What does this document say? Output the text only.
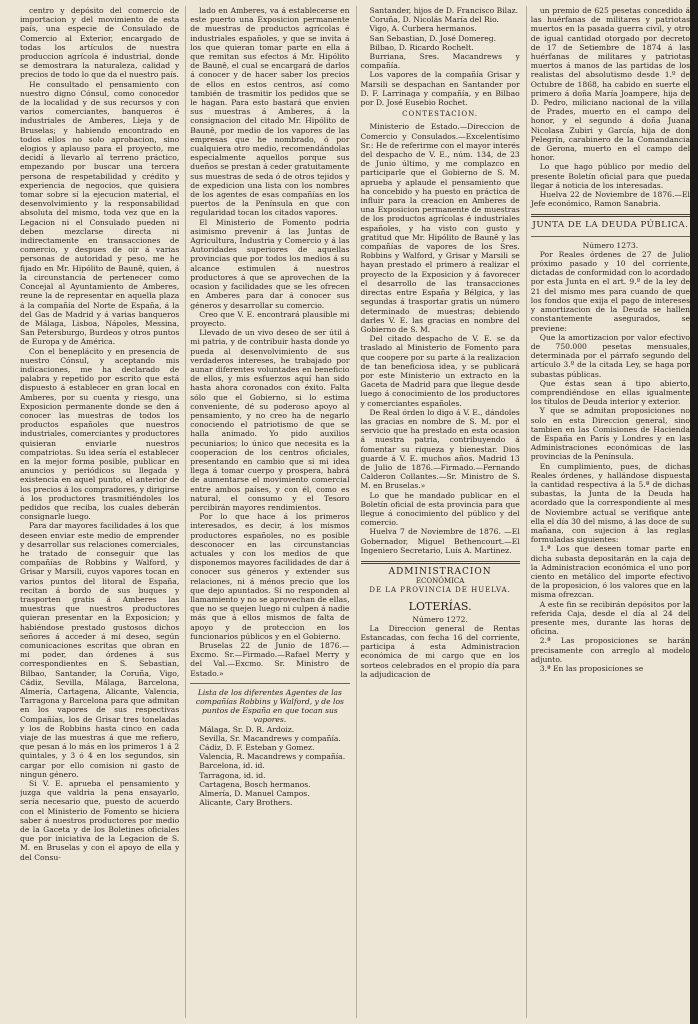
centro y depósito del comercio de importacion y del movimiento de esta país, una especie de Consulado de Comercio al Exterior, encargado de todas los artículos de nuestra produccion agrícola é industrial, donde se demostrara la naturaleza, calidad y precios de todo lo que da el nuestro país.

He consultado el pensamiento con nuestro digno Cónsul, como conocedor de la localidad y de sus recursos y con varios comerciantes, banqueros é industriales de Amberes, Lieja y de Bruselas; y habiendo encontrado en todos ellos no solo aprobacion, sino elogios y aplauso para el proyecto, me decidí á llevarlo al terreno práctico, empezando por buscar una tercera persona de respetabilidad y crédito y experiencia de negocios, que quisiera tomar sobre sí la ejecucion material, el desenvolvimiento y la responsabilidad absoluta del mismo, toda vez que en la Legacion ni el Consulado pueden ni deben mezclarse directa ni indirectamente en transacciones de comercio, y despues de oir á varias personas de autoridad y peso, me he fijado en Mr. Hipólito de Baunê, quien, á la circunstancia de pertenecer como Concejal al Ayuntamiento de Amberes, reune la de representar en aquella plaza á la compañía del Norte de España, á la del Gas de Madrid y á varias banqueros de Málaga, Lisboa, Nápoles, Messina, San Petersburgo, Burdeos y otros puntos de Europa y de América.

Con el beneplácito y en presencia de nuestro Cónsul, y aceptando mis indicaciones, me ha declarado de palabra y repetido por escrito que está dispuesto á establecer en gran local en Amberes, por su cuenta y riesgo, una Exposicion permanente donde se den á conocer las muestras de todos los productos españoles que nuestros industriales, comerciantes y productores quisieran enviarle nuestros compatriotas. Su idea sería el establecer en la mejor forma posible, publicar en anuncios y periódicos su llegada y existencia en aquel punto, el anterior de los precios á los compradores, y dirigirse á los productores trasmitiéndoles los pedidos que reciba, los cuales deberán consignarle luego.

Para dar mayores facilidades á los que deseen enviar este medio de emprender y desarrollar sus relaciones comerciales, he tratado de conseguir que las compañías de Robbins y Walford, y Grisar y Marsili, cuyos vapores tocan en varios puntos del litoral de España, recitan á bordo de sus buques y trasporten gratis á Amberes las muestras que nuestros productores quieran presentar en la Exposicion; y habiéndose prestado gustosos dichos señores á acceder á mi deseo, según comunicaciones escritas que obran en mi poder, dan órdenes á sus correspondientes en S. Sebastian, Bilbao, Santander, la Coruña, Vigo, Cádiz, Sevilla, Málaga, Barcelona, Almería, Cartagena, Alicante, Valencia, Tarragona y Barcelona para que admitan en los vapores de sus respectivas Compañías, los de Grisar tres toneladas y los de Robbins hasta cinco en cada viaje de las muestras á que me refiero, que pesan á lo más en los primeros 1 á 2 quintales, y 3 ó 4 en los segundos, sin cargar por ello comision ni gasto de ningun género.

Si V. E. aprueba el pensamiento y juzga que valdria la pena ensayarlo, sería necesario que, puesto de acuerdo con el Ministerio de Fomento se hiciera saber á nuestros productores por medio de la Gaceta y de los Boletines oficiales que por iniciativa de la Legacion de S. M. en Bruselas y con el apoyo de ella y del Consu-

lado en Amberes, va á establecerse en este puerto una Exposicion permanente de muestras de productos agrícolas é industriales españoles, y que se invita á los que quieran tomar parte en ella á que remitan sus efectos á Mr. Hipólito de Baunê, el cual se encargará de darlos á conocer y de hacer saber los precios de ellos en estos centros, así como también de trasmitir los pedidos que se le hagan. Para esto bastará que envien sus muestras á Amberes, á la consignacion del citado Mr. Hipólito de Baunê, por medio de los vapores de las empresas que he nombrado, ó por cualquiera otro medio, recomendándolas especialmente aquellos porque sus dueños se prestan á ceder gratuitamente sus muestras de seda ó de otros tejidos y de expedicion una lista con los nombres de los agentes de esas compañías en los puertos de la Península en que con regularidad tocan los citados vapores.

El Ministerio de Fomento podria asimismo prevenir á las Juntas de Agricultura, Industria y Comercio y á las Autoridades superiores de aquellas provincias que por todos los medios á su alcance estimulen á nuestros productores á que se aprovechen de la ocasion y facilidades que se les ofrecen en Amberes para dar á conocer sus géneros y desarrollar su comercio.

Creo que V. E. encontrará plausible mi proyecto.

Llevado de un vivo deseo de ser útil á mi patria, y de contribuir hasta donde yo pueda al desenvolvimiento de sus verdaderos intereses, he trabajado por aunar diferentes voluntades en beneficio de ellos, y mis esfuerzos aquí han sido hasta ahora coronados con éxito. Falta sólo que el Gobierno, si lo estima conveniente, dé su poderoso apoyo al pensamiento, y no creo ha de negarlo conociendo el patriotismo de que se halla animado. Yo pido auxilios pecuniarios; lo único que necesita es la cooperacion de los centros oficiales, presentando en cambio que si mi idea llega á tomar cuerpo y prospera, habrá de aumentarse el movimiento comercial entre ambos países, y con él, como es natural, el consumo y el Tesoro percibirán mayores rendimientos.

Por lo que hace á los primeros interesados, es decir, á los mismos productores españoles, no es posible desconocer en las circunstancias actuales y con los medios de que disponemos mayores facilidades de dar á conocer sus géneros y extender sus relaciones, ni á ménos precio que los que dejo apuntados. Si no responden al llamamiento y no se aprovechan de ellas, que no se quejen luego ni culpen á nadie más que á ellos mismos de falta de apoyo y de proteccion en los funcionarios públicos y en el Gobierno.

Bruselas 22 de Junio de 1876.—Excmo. Sr.—Firmado.—Rafael Merry y del Val.—Excmo. Sr. Ministro de Estado.»

Lista de los diferentes Agentes de las compañías Robbins y Walford, y de los puntos de España en que tocan sus vapores.

Málaga, Sr. D. R. Ardoiz.

Sevilla, Sr. Macandrews y compañía.

Cádiz, D. F. Esteban y Gomez.

Valencia, R. Macandrews y compañía.

Barcelona, id. id.

Tarragona, id. id.

Cartagena, Bosch hermanos.

Almería, D. Manuel Campos.

Alicante, Cary Brothers.

Santander, hijos de D. Francisco Bilaz.

Coruña, D. Nicolás María del Rio.

Vigo, A. Curbera hermanos.

San Sebastian, D. José Domereg.

Bilbao, D. Ricardo Rochelt.

Burriana, Sres. Macandrews y compañía.

Los vapores de la compañía Grisar y Marsili se despachan en Santander por D. F. Larrinaga y compañía, y en Bilbao por D. José Eusebio Rochet.

CONTESTACION.

Ministerio de Estado.—Direccion de Comercio y Consulados.—Excelentísimo Sr.: He de referirme con el mayor interés del despacho de V. E., núm. 134, de 23 de Junio último, y me complazco en participarle que el Gobierno de S. M. aprueba y aplaude el pensamiento que ha concebido y ha puesto en práctica de influir para la creacion en Amberes de una Exposicion permanente de muestras de los productos agrícolas é industriales españoles, y ha visto con gusto y gratitud que Mr. Hipólito de Baunê y las compañías de vapores de los Sres. Robbins y Walford, y Grisar y Marsili se hayan prestado el primero á realizar el proyecto de la Exposicion y á favorecer el desarrollo de las transacciones directas entre España y Bélgica, y las segundas á trasportar gratis un número determinado de muestras; debiendo darles V. E. las gracias en nombre del Gobierno de S. M.

Del citado despacho de V. E. se da traslado al Ministerio de Fomento para que coopere por su parte á la realizacion de tan beneficiosa idea, y se publicará por este Ministerio un extracto en la Gaceta de Madrid para que llegue desde luego á conocimiento de los productores y comerciantes españoles.

De Real órden lo digo á V. E., dándoles las gracias en nombre de S. M. por el servicio que ha prestado en esta ocasion á nuestra patria, contribuyendo á fomentar su riqueza y bienestar. Dios guarde á V. E. muchos años. Madrid 13 de Julio de 1876.—Firmado.—Fernando Calderon Collantes.—Sr. Ministro de S. M. en Bruselas.»

Lo que he mandado publicar en el Boletín oficial de esta provincia para que llegue á conocimiento del público y del comercio.

Huelva 7 de Noviembre de 1876. —El Gobernador, Miguel Bethencourt.—El Ingeniero Secretario, Luis A. Martinez.

ADMINISTRACION

ECONÓMICA

DE LA PROVINCIA DE HUELVA.

LOTERÍAS.

Número 1272.

La Direccion general de Rentas Estancadas, con fecha 16 del corriente, participa á esta Administracion económica de mi cargo que en los sorteos celebrados en el propio día para la adjudicacion de

un premio de 625 pesetas concedido á las huérfanas de militares y patriotas muertos en la pasada guerra civil, y otro de igual cantidad otorgado por decreto de 17 de Setiembre de 1874 á las huérfanas de militares y patriotas muertos á manos de las partidas de los realistas del absolutismo desde 1.º de Octubre de 1868, ha cabido en suerte el primero á doña María Joampere, hija de D. Pedro, miliciano nacional de la villa de Prades, muerto en el campo del honor, y el segundo á doña Juana Nicolasa Zubiri y García, hija de don Pelegrín, carabinero de la Comandancia de Gerona, muerto en el campo del honor.

Lo que hago público por medio del presente Boletín oficial para que pueda llegar á noticia de los interesadas.

Huelva 22 de Noviembre de 1876.—El Jefe económico, Ramon Sanabria.

JUNTA DE LA DEUDA PÚBLICA.

Número 1273.

Por Reales órdenes de 27 de Julio próximo pasado y 10 del corriente, dictadas de conformidad con lo acordado por esta Junta en el art. 9.º de la ley de 21 del mismo mes para cuando de que los fondos que exija el pago de intereses y amortizacion de la Deuda se hallen constantemente asegurados, se previene:

Que la amortizacion por valor efectivo de 750.000 pesetas mensuales, determinada por el párrafo segundo del artículo 3.º de la citada Ley, se haga por subastas públicas.

Que éstas sean á tipo abierto, comprendiéndose en ellas igualmente los títulos de Deuda interior y exterior.

Y que se admitan proposiciones no solo en esta Direccion general, sino tambien en las Comisiones de Hacienda de España en París y Londres y en las Administraciones económicas de las provincias de la Península.

En cumplimiento, pues, de dichas Reales órdenes, y hallándose dispuesta la cantidad respectiva á la 5.ª de dichas subastas, la Junta de la Deuda ha acordado que la correspondiente al mes de Noviembre actual se verifique ante ella el día 30 del mismo, á las doce de su mañana, con sujecion á las reglas formuladas siguientes:

1.ª Los que deseen tomar parte en dicha subasta depositarán en la caja de la Administracion económica el uno por ciento en metálico del importe efectivo de la proposicion, ó los valores que en la misma ofrezcan.

A este fin se recibirán depósitos por la referida Caja, desde el día al 24 del presente mes, durante las horas de oficina.

2.ª Las proposiciones se harán precisamente con arreglo al modelo adjunto.

3.ª En las proposiciones se
